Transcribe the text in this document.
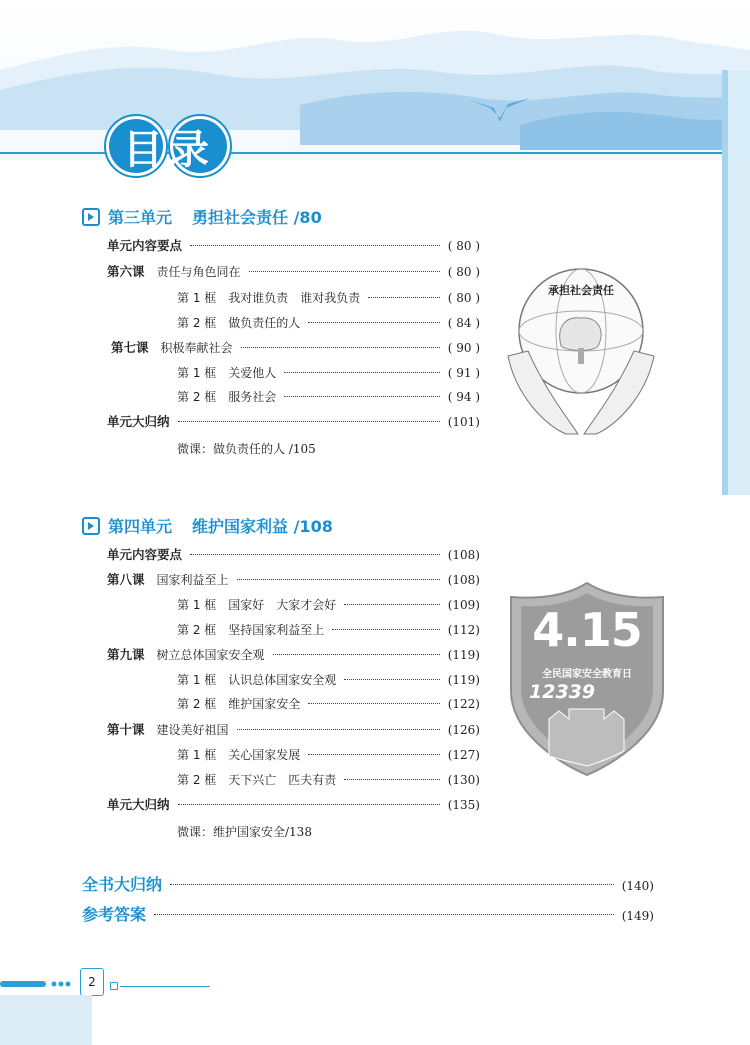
目录
第三单元 勇担社会责任 /80
单元内容要点	( 80 )
第六课 责任与角色同在	( 80 )
第 1 框 我对谁负责　谁对我负责	( 80 )
第 2 框 做负责任的人	( 84 )
第七课 积极奉献社会	( 90 )
第 1 框 关爱他人	( 91 )
第 2 框 服务社会	( 94 )
单元大归纳	(101)
微课：做负责任的人 /105
承担社会责任
第四单元 维护国家利益 /108
单元内容要点	(108)
第八课 国家利益至上	(108)
第 1 框 国家好　大家才会好	(109)
第 2 框 坚持国家利益至上	(112)
第九课 树立总体国家安全观	(119)
第 1 框 认识总体国家安全观	(119)
第 2 框 维护国家安全	(122)
第十课 建设美好祖国	(126)
第 1 框 关心国家发展	(127)
第 2 框 天下兴亡　匹夫有责	(130)
单元大归纳	(135)
微课：维护国家安全/138
4.15
全民国家安全教育日
12339
全书大归纳	(140)
参考答案	(149)
2
